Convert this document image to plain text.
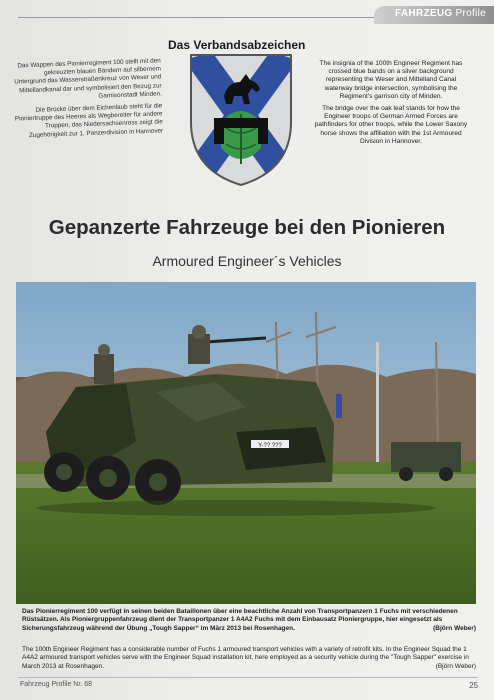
FAHRZEUG Profile
Das Verbandsabzeichen

Das Wappen des Pionierregiment 100 stellt mit den gekreuzten blauen Bändern auf silbernem Untergrund das Wasserstraßenkreuz von Weser und Mittellandkanal dar und symbolisiert den Bezug zur Garnisonstadt Minden.

Die Brücke über dem Eichenlaub steht für die Pioniertruppe des Heeres als Wegbereiter für andere Truppen, das Niedersachsenross zeigt die Zugehörigkeit zur 1. Panzerdivision in Hannover

The insignia of the 100th Engineer Regiment has crossed blue bands on a silver background representing the Weser and Mittelland Canal waterway bridge intersection, symbolising the Regiment's garrison city of Minden.

The bridge over the oak leaf stands for how the Engineer troops of German Armed Forces are pathfinders for other troops, while the Lower Saxony horse shows the affiliation with the 1st Armoured Division in Hannover.

Gepanzerte Fahrzeuge bei den Pionieren
Armoured Engineer´s Vehicles
Y-?? ???
Das Pionierregiment 100 verfügt in seinen beiden Bataillonen über eine beachtliche Anzahl von Transportpanzern 1 Fuchs mit verschiedenen Rüstsätzen. Als Pioniergruppenfahrzeug dient der Transportpanzer 1 A4A2 Fuchs mit dem Einbausatz Pioniergruppe, hier eingesetzt als Sicherungsfahrzeug während der Übung „Tough Sapper“ im März 2013 bei Rosenhagen.	(Björn Weber)
The 100th Engineer Regiment has a considerable number of Fuchs 1 armoured transport vehicles with a variety of retrofit kits. In the Engineer Squad the 1 A4A2 armoured transport vehicles serve with the Engineer Squad installation kit, here employed as a security vehicle during the "Tough Sapper" exercise in March 2013 at Rosenhagen.	(Björn Weber)
Fahrzeug Profile Nr. 68	25
